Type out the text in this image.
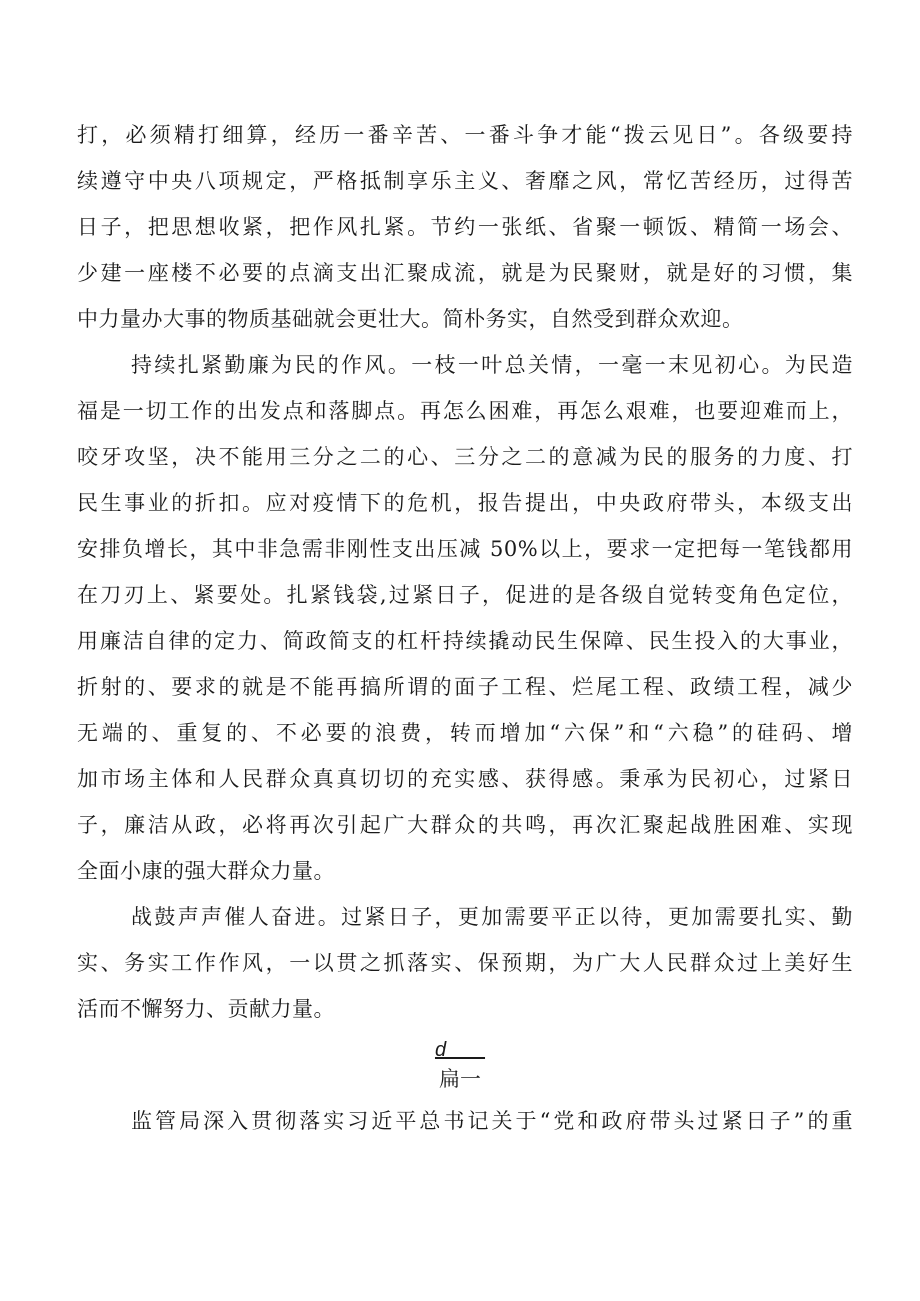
打，必须精打细算，经历一番辛苦、一番斗争才能“拨云见日”。各级要持
续遵守中央八项规定，严格抵制享乐主义、奢靡之风，常忆苦经历，过得苦
日子，把思想收紧，把作风扎紧。节约一张纸、省聚一顿饭、精简一场会、
少建一座楼不必要的点滴支出汇聚成流，就是为民聚财，就是好的习惯，集
中力量办大事的物质基础就会更壮大。简朴务实，自然受到群众欢迎。
持续扎紧勤廉为民的作风。一枝一叶总关情，一毫一末见初心。为民造
福是一切工作的出发点和落脚点。再怎么困难，再怎么艰难，也要迎难而上，
咬牙攻坚，决不能用三分之二的心、三分之二的意减为民的服务的力度、打
民生事业的折扣。应对疫情下的危机，报告提出，中央政府带头，本级支出
安排负增长，其中非急需非刚性支出压减 50%以上，要求一定把每一笔钱都用
在刀刃上、紧要处。扎紧钱袋,过紧日子，促进的是各级自觉转变角色定位，
用廉洁自律的定力、简政简支的杠杆持续撬动民生保障、民生投入的大事业，
折射的、要求的就是不能再搞所谓的面子工程、烂尾工程、政绩工程，减少
无端的、重复的、不必要的浪费，转而增加“六保”和“六稳”的硅码、增
加市场主体和人民群众真真切切的充实感、获得感。秉承为民初心，过紧日
子，廉洁从政，必将再次引起广大群众的共鸣，再次汇聚起战胜困难、实现
全面小康的强大群众力量。
战鼓声声催人奋进。过紧日子，更加需要平正以待，更加需要扎实、勤
实、务实工作作风，一以贯之抓落实、保预期，为广大人民群众过上美好生
活而不懈努力、贡献力量。
d ___
扁一
监管局深入贯彻落实习近平总书记关于“党和政府带头过紧日子”的重
